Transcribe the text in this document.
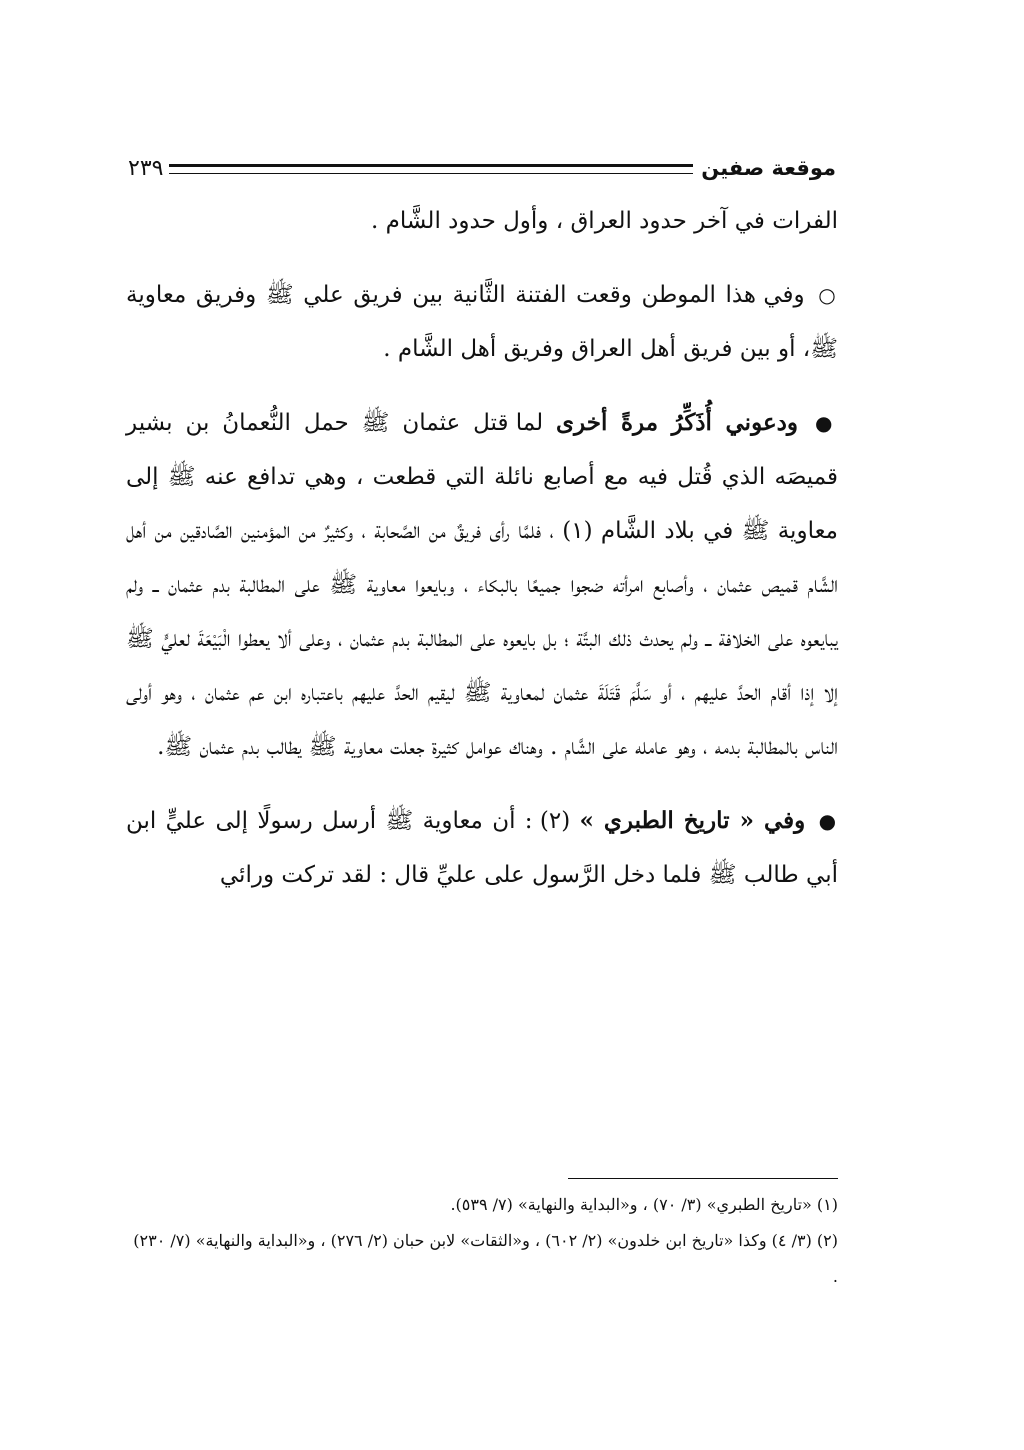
موقعة صفين
٢٣٩

الفرات في آخر حدود العراق ، وأول حدود الشَّام .

○ وفي هذا الموطن وقعت الفتنة الثَّانية بين فريق علي ﷺ وفريق معاوية ﷺ، أو بين فريق أهل العراق وفريق أهل الشَّام .

● ودعوني أُذَكِّرُ مرةً أخرى لما قتل عثمان ﷺ حمل النُّعمانُ بن بشير قميصَه الذي قُتل فيه مع أصابع نائلة التي قطعت ، وهي تدافع عنه ﷺ إلى معاوية ﷺ في بلاد الشَّام (١) ، فلمَّا رأى فريقٌ من الصَّحابة ، وكثيرٌ من المؤمنين الصَّادقين من أهل الشَّام قميص عثمان ، وأصابع امرأته ضجوا جميعًا بالبكاء ، وبايعوا معاوية ﷺ على المطالبة بدم عثمان ــ ولم يبايعوه على الخلافة ــ ولم يحدث ذلك البتَّة ؛ بل بايعوه على المطالبة بدم عثمان ، وعلى ألا يعطوا الْبَيْعَةَ لعليٍّ ﷺ إلا إذا أقام الحدَّ عليهم ، أو سَلَّمَ قَتَلَةَ عثمان لمعاوية ﷺ ليقيم الحدَّ عليهم باعتباره ابن عم عثمان ، وهو أولى الناس بالمطالبة بدمه ، وهو عامله على الشَّام . وهناك عوامل كثيرة جعلت معاوية ﷺ يطالب بدم عثمان ﷺ.

● وفي « تاريخ الطبري » (٢) : أن معاوية ﷺ أرسل رسولًا إلى عليٍّ ابن أبي طالب ﷺ فلما دخل الرَّسول على عليِّ قال : لقد تركت ورائي

(١) «تاريخ الطبري» (٣/ ٧٠) ، و«البداية والنهاية» (٧/ ٥٣٩).

(٢) (٣/ ٤) وكذا «تاريخ ابن خلدون» (٢/ ٦٠٢) ، و«الثقات» لابن حبان (٢/ ٢٧٦) ، و«البداية والنهاية» (٧/ ٢٣٠) .
